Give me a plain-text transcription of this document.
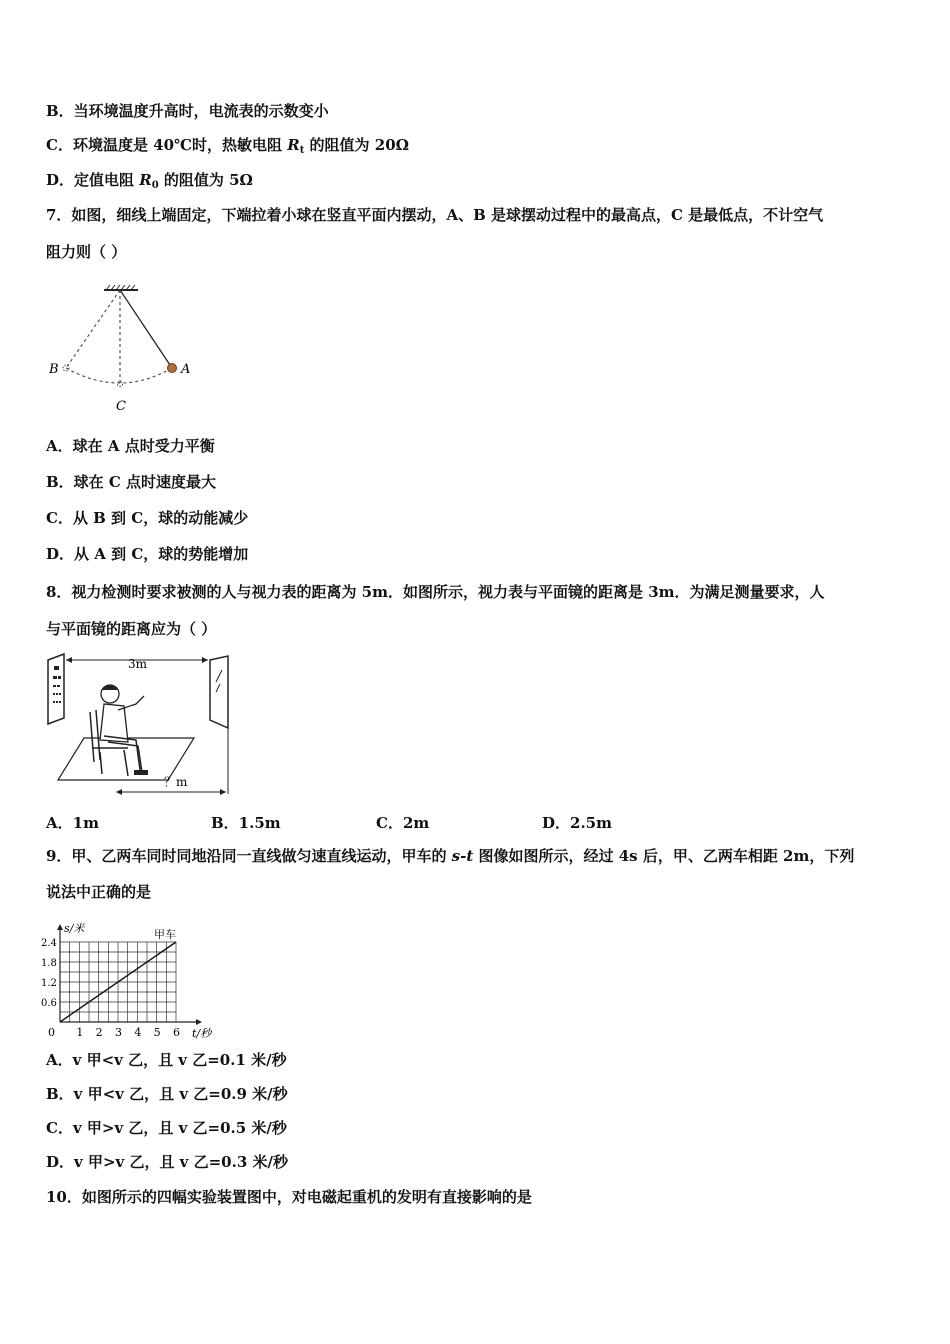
B．当环境温度升高时，电流表的示数变小
C．环境温度是 40℃时，热敏电阻 $R_t$ 的阻值为 20Ω
D．定值电阻 $R_0$ 的阻值为 5Ω
7．如图，细线上端固定，下端拉着小球在竖直平面内摆动，A、B 是球摆动过程中的最高点，C 是最低点，不计空气
阻力则（ ）
A
B
C
A．球在 A 点时受力平衡
B．球在 C 点时速度最大
C．从 B 到 C，球的动能减少
D．从 A 到 C，球的势能增加
8．视力检测时要求被测的人与视力表的距离为 5m．如图所示，视力表与平面镜的距离是 3m．为满足测量要求，人
与平面镜的距离应为（ ）
3m
？m
A．1m	B．1.5m	C．2m	D．2.5m
9．甲、乙两车同时同地沿同一直线做匀速直线运动，甲车的 s-t 图像如图所示，经过 4s 后，甲、乙两车相距 2m，下列
说法中正确的是
0 1 2 3 4 5 6
0.6
1.2
1.8
2.4
s/米
t/秒
甲车
A．v 甲<v 乙，且 v 乙=0.1 米/秒
B．v 甲<v 乙，且 v 乙=0.9 米/秒
C．v 甲>v 乙，且 v 乙=0.5 米/秒
D．v 甲>v 乙，且 v 乙=0.3 米/秒
10．如图所示的四幅实验装置图中，对电磁起重机的发明有直接影响的是
